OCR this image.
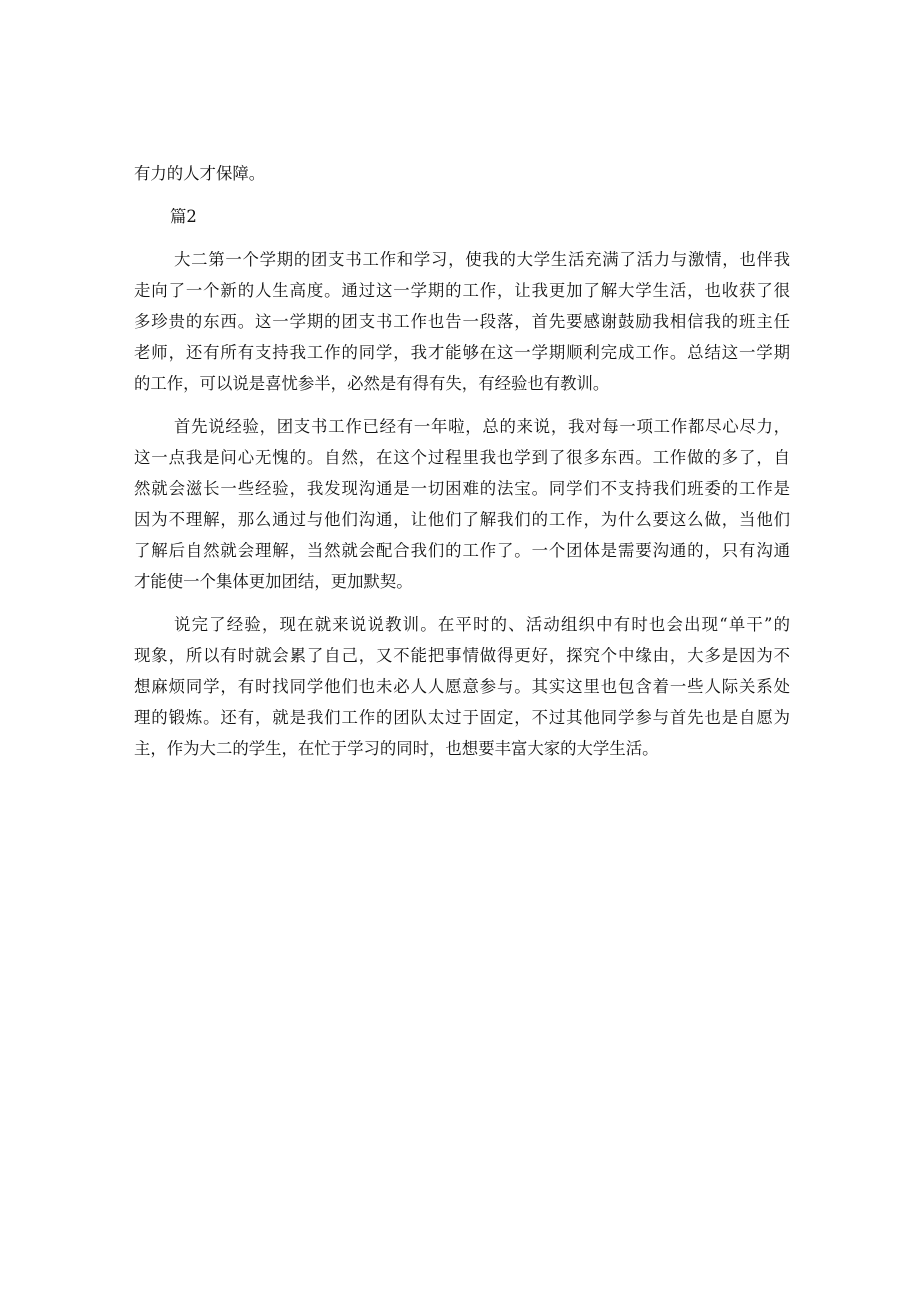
有力的人才保障。

篇2

大二第一个学期的团支书工作和学习，使我的大学生活充满了活力与激情，也伴我

走向了一个新的人生高度。通过这一学期的工作，让我更加了解大学生活，也收获了很

多珍贵的东西。这一学期的团支书工作也告一段落，首先要感谢鼓励我相信我的班主任

老师，还有所有支持我工作的同学，我才能够在这一学期顺利完成工作。总结这一学期

的工作，可以说是喜忧参半，必然是有得有失，有经验也有教训。

首先说经验，团支书工作已经有一年啦，总的来说，我对每一项工作都尽心尽力，

这一点我是问心无愧的。自然，在这个过程里我也学到了很多东西。工作做的多了，自

然就会滋长一些经验，我发现沟通是一切困难的法宝。同学们不支持我们班委的工作是

因为不理解，那么通过与他们沟通，让他们了解我们的工作，为什么要这么做，当他们

了解后自然就会理解，当然就会配合我们的工作了。一个团体是需要沟通的，只有沟通

才能使一个集体更加团结，更加默契。

说完了经验，现在就来说说教训。在平时的、活动组织中有时也会出现“单干”的

现象，所以有时就会累了自己，又不能把事情做得更好，探究个中缘由，大多是因为不

想麻烦同学，有时找同学他们也未必人人愿意参与。其实这里也包含着一些人际关系处

理的锻炼。还有，就是我们工作的团队太过于固定，不过其他同学参与首先也是自愿为

主，作为大二的学生，在忙于学习的同时，也想要丰富大家的大学生活。
